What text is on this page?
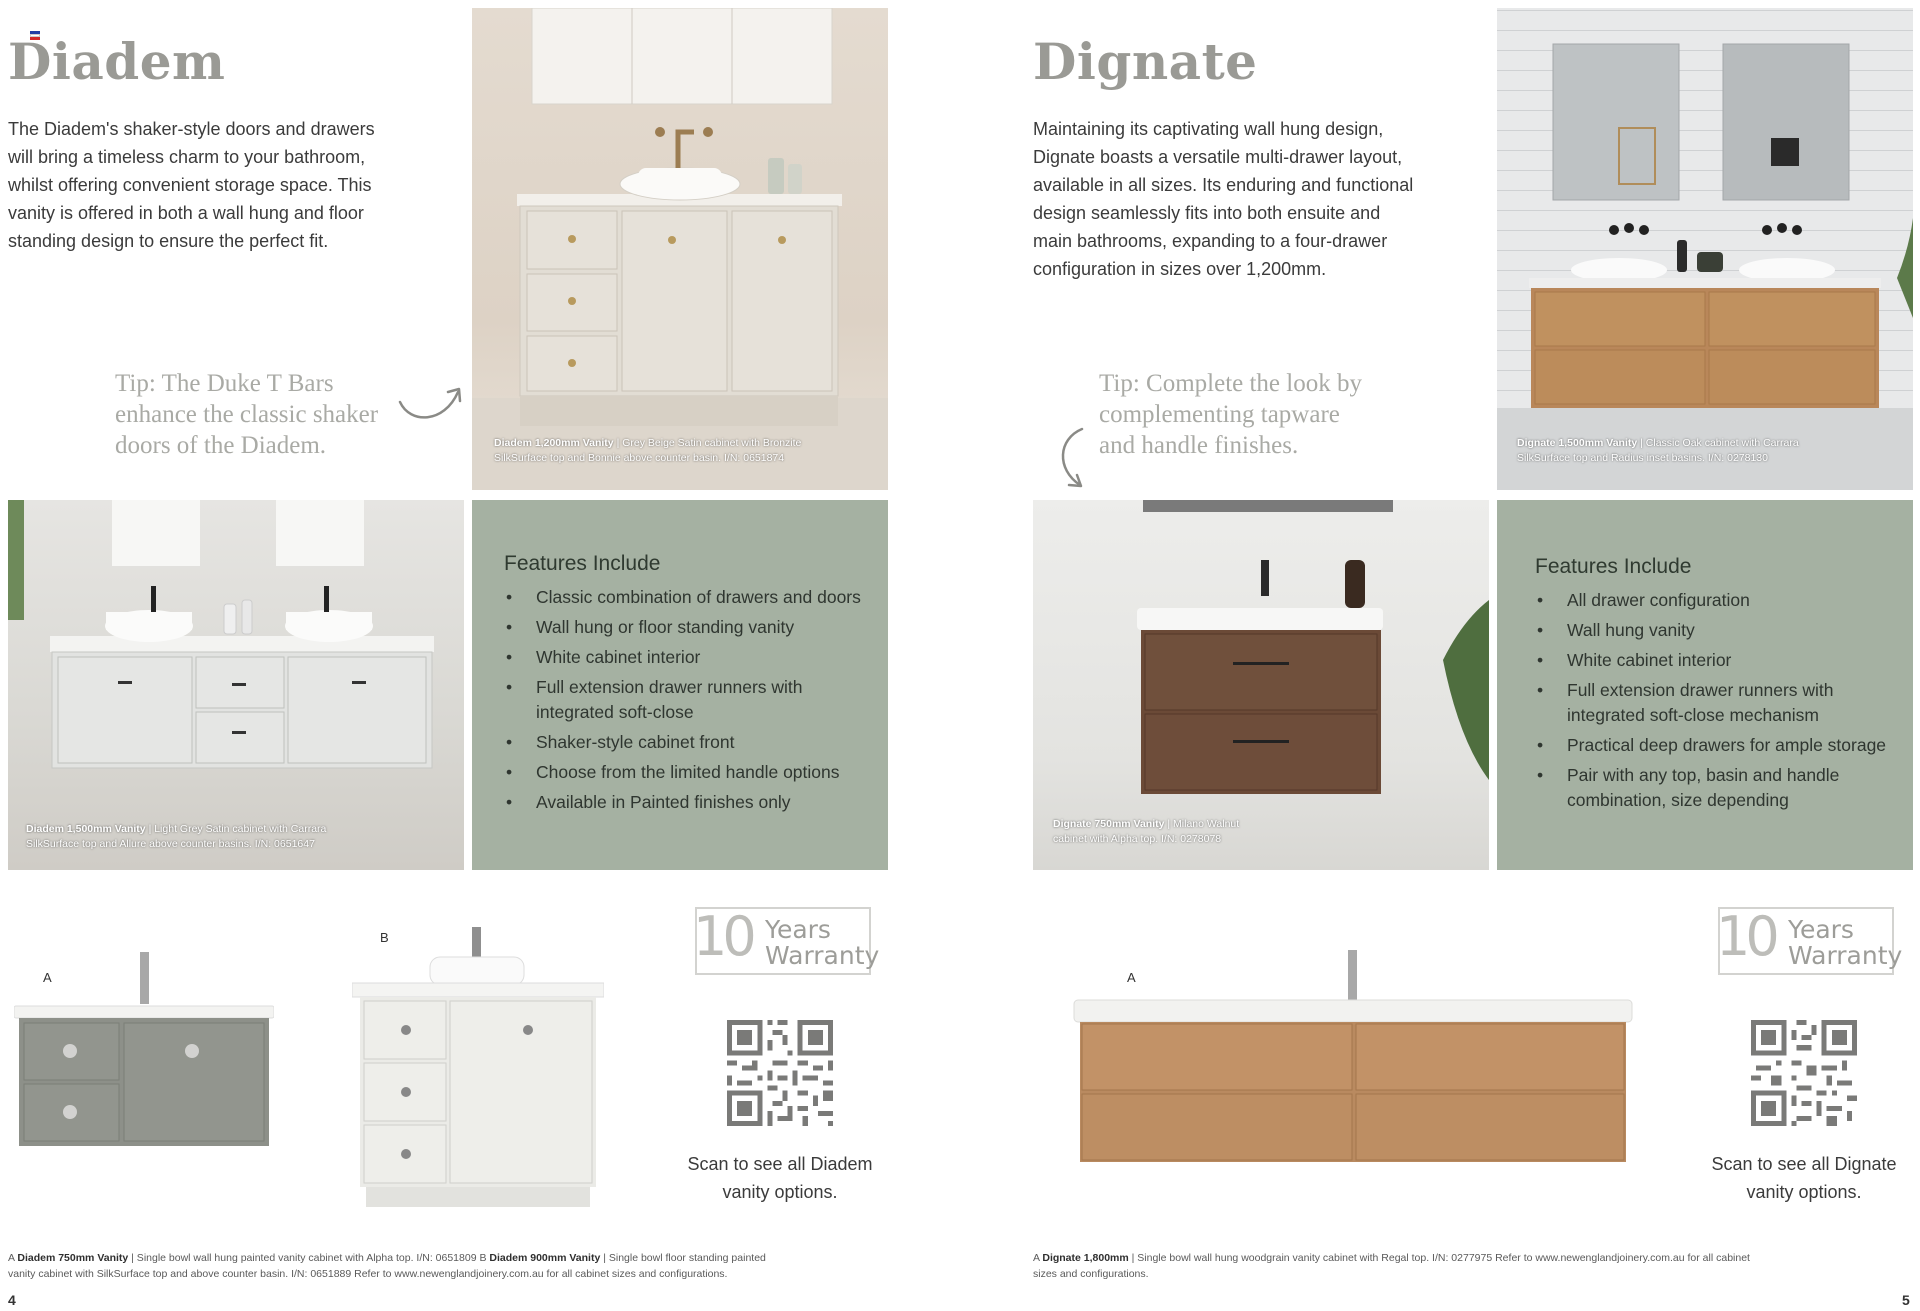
Diadem
The Diadem's shaker-style doors and drawers
will bring a timeless charm to your bathroom,
whilst offering convenient storage space. This
vanity is offered in both a wall hung and floor
standing design to ensure the perfect fit.
Tip: The Duke T Bars
enhance the classic shaker
doors of the Diadem.	Diadem 1,200mm Vanity | Grey Beige Satin cabinet with Bronzite
SilkSurface top and Bonnie above counter basin. I/N: 0651874
Diadem 1,500mm Vanity | Light Grey Satin cabinet with Carrara
SilkSurface top and Allure above counter basins. I/N: 0651647
Features Include
• Classic combination of drawers and doors
• Wall hung or floor standing vanity
• White cabinet interior
• Full extension drawer runners with integrated soft-close
• Shaker-style cabinet front
• Choose from the limited handle options
• Available in Painted finishes only
A
B	10 Years
Warranty
Scan to see all Diadem
vanity options.
A Diadem 750mm Vanity | Single bowl wall hung painted vanity cabinet with Alpha top. I/N: 0651809 B Diadem 900mm Vanity | Single bowl floor standing painted
vanity cabinet with SilkSurface top and above counter basin. I/N: 0651889 Refer to www.newenglandjoinery.com.au for all cabinet sizes and configurations.
4
Dignate
Maintaining its captivating wall hung design,
Dignate boasts a versatile multi-drawer layout,
available in all sizes. Its enduring and functional
design seamlessly fits into both ensuite and
main bathrooms, expanding to a four-drawer
configuration in sizes over 1,200mm.
Tip: Complete the look by
complementing tapware
and handle finishes.	Dignate 1,500mm Vanity | Classic Oak cabinet with Carrara
SilkSurface top and Radius inset basins. I/N: 0278130
Dignate 750mm Vanity | Milano Walnut
cabinet with Alpha top. I/N: 0278078
Features Include
• All drawer configuration
• Wall hung vanity
• White cabinet interior
• Full extension drawer runners with integrated soft-close mechanism
• Practical deep drawers for ample storage
• Pair with any top, basin and handle combination, size depending
A
10 Years
Warranty
Scan to see all Dignate
vanity options.
A Dignate 1,800mm | Single bowl wall hung woodgrain vanity cabinet with Regal top. I/N: 0277975 Refer to www.newenglandjoinery.com.au for all cabinet
sizes and configurations.
5
